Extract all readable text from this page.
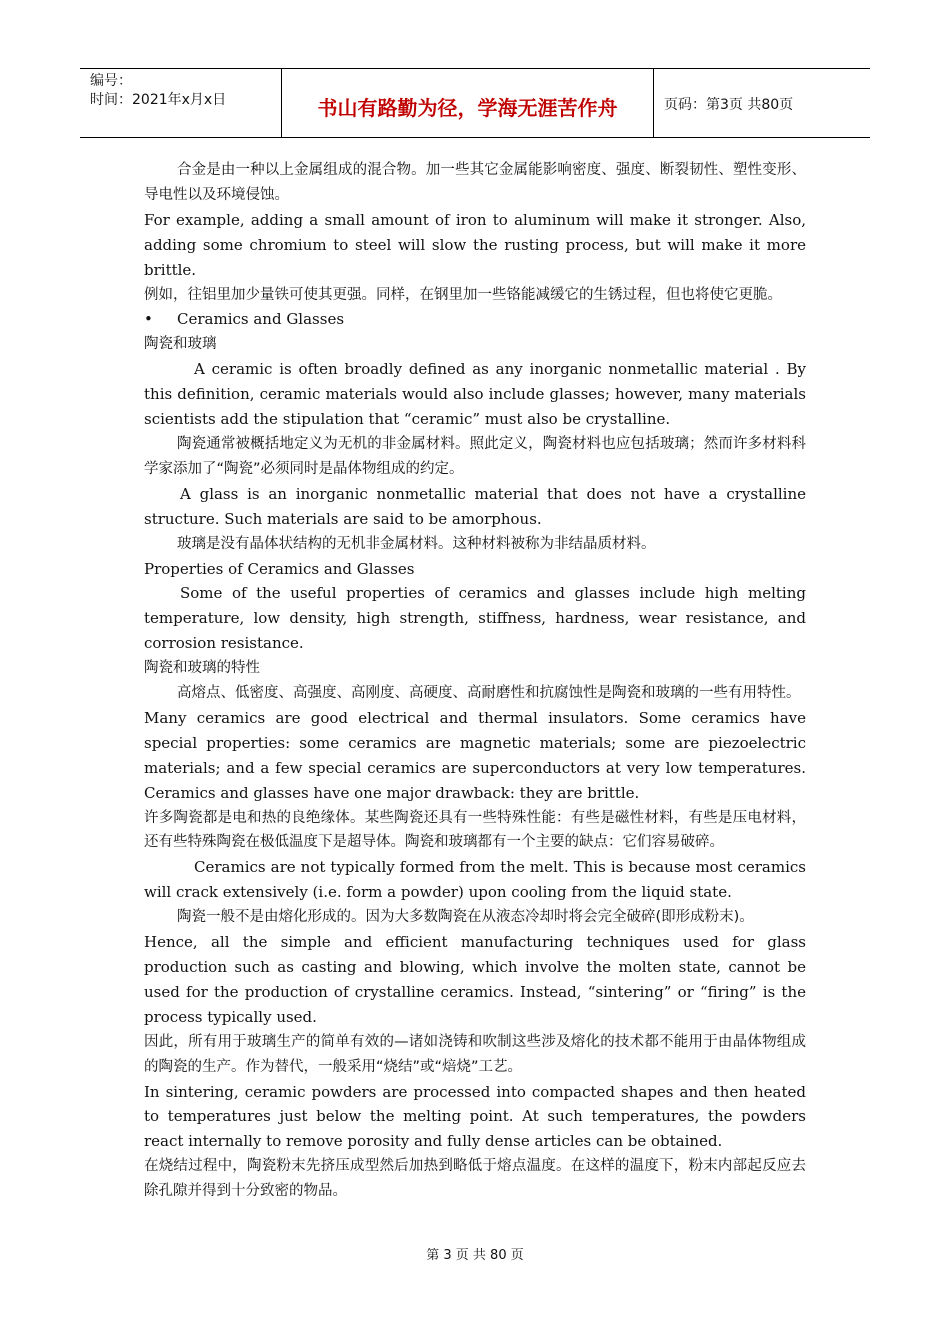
编号：
时间：2021年x月x日	书山有路勤为径，学海无涯苦作舟	页码：第3页 共80页

合金是由一种以上金属组成的混合物。加一些其它金属能影响密度、强度、断裂韧性、塑性变形、导电性以及环境侵蚀。

For example, adding a small amount of iron to aluminum will make it stronger. Also, adding some chromium to steel will slow the rusting process, but will make it more brittle.

例如，往铝里加少量铁可使其更强。同样，在钢里加一些铬能减缓它的生锈过程，但也将使它更脆。

•	Ceramics and Glasses

陶瓷和玻璃

A ceramic is often broadly defined as any inorganic nonmetallic material . By this definition, ceramic materials would also include glasses; however, many materials scientists add the stipulation that “ceramic” must also be crystalline.

陶瓷通常被概括地定义为无机的非金属材料。照此定义，陶瓷材料也应包括玻璃；然而许多材料科学家添加了“陶瓷”必须同时是晶体物组成的约定。

A glass is an inorganic nonmetallic material that does not have a crystalline structure. Such materials are said to be amorphous.

玻璃是没有晶体状结构的无机非金属材料。这种材料被称为非结晶质材料。

Properties of Ceramics and Glasses

Some of the useful properties of ceramics and glasses include high melting temperature, low density, high strength, stiffness, hardness, wear resistance, and corrosion resistance.

陶瓷和玻璃的特性

高熔点、低密度、高强度、高刚度、高硬度、高耐磨性和抗腐蚀性是陶瓷和玻璃的一些有用特性。

Many ceramics are good electrical and thermal insulators. Some ceramics have special properties: some ceramics are magnetic materials; some are piezoelectric materials; and a few special ceramics are superconductors at very low temperatures. Ceramics and glasses have one major drawback: they are brittle.

许多陶瓷都是电和热的良绝缘体。某些陶瓷还具有一些特殊性能：有些是磁性材料，有些是压电材料，还有些特殊陶瓷在极低温度下是超导体。陶瓷和玻璃都有一个主要的缺点：它们容易破碎。

Ceramics are not typically formed from the melt. This is because most ceramics will crack extensively (i.e. form a powder) upon cooling from the liquid state.

陶瓷一般不是由熔化形成的。因为大多数陶瓷在从液态冷却时将会完全破碎(即形成粉末)。

Hence, all the simple and efficient manufacturing techniques used for glass production such as casting and blowing, which involve the molten state, cannot be used for the production of crystalline ceramics. Instead, “sintering” or “firing” is the process typically used.

因此，所有用于玻璃生产的简单有效的—诸如浇铸和吹制这些涉及熔化的技术都不能用于由晶体物组成的陶瓷的生产。作为替代，一般采用“烧结”或“焙烧”工艺。

In sintering, ceramic powders are processed into compacted shapes and then heated to temperatures just below the melting point. At such temperatures, the powders react internally to remove porosity and fully dense articles can be obtained.

在烧结过程中，陶瓷粉末先挤压成型然后加热到略低于熔点温度。在这样的温度下，粉末内部起反应去除孔隙并得到十分致密的物品。

第 3 页 共 80 页
